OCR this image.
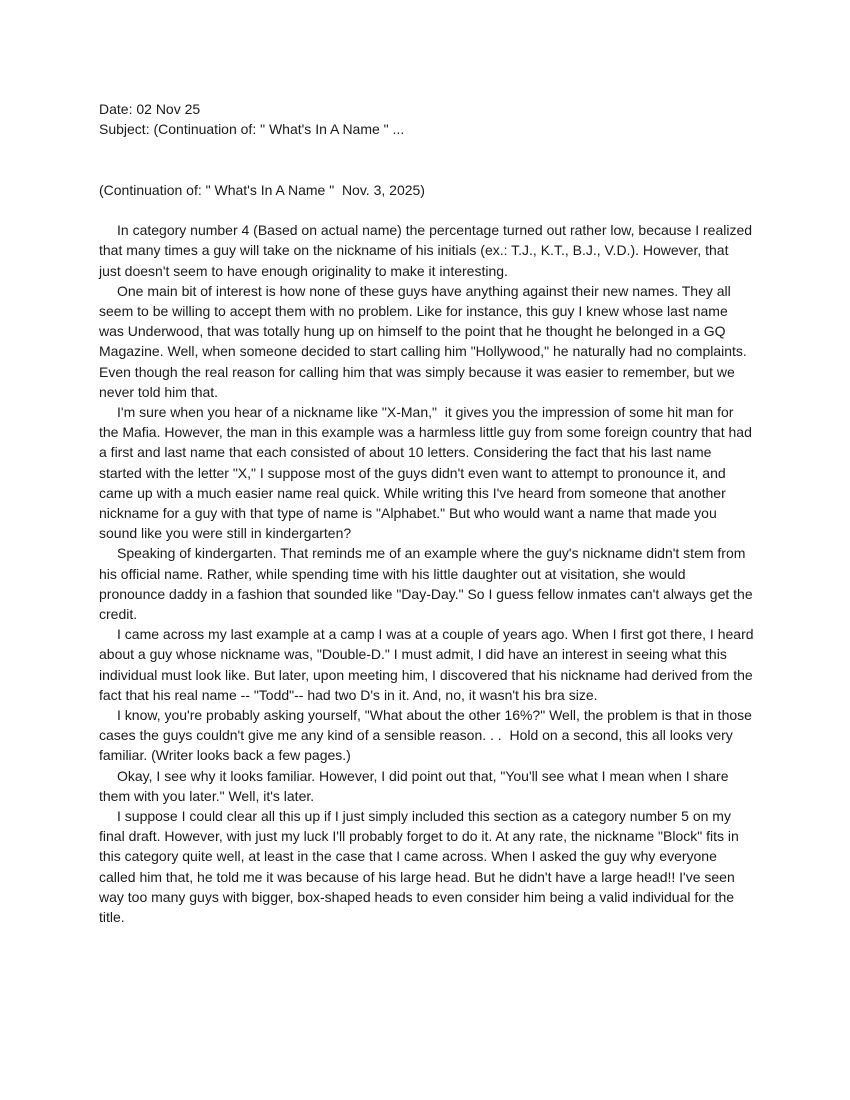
Date: 02 Nov 25
Subject: (Continuation of: " What's In A Name " ...
(Continuation of: " What's In A Name "  Nov. 3, 2025)

In category number 4 (Based on actual name) the percentage turned out rather low, because I realized that many times a guy will take on the nickname of his initials (ex.: T.J., K.T., B.J., V.D.). However, that just doesn't seem to have enough originality to make it interesting.

One main bit of interest is how none of these guys have anything against their new names. They all seem to be willing to accept them with no problem. Like for instance, this guy I knew whose last name was Underwood, that was totally hung up on himself to the point that he thought he belonged in a GQ Magazine. Well, when someone decided to start calling him "Hollywood," he naturally had no complaints. Even though the real reason for calling him that was simply because it was easier to remember, but we never told him that.

I'm sure when you hear of a nickname like "X-Man,"  it gives you the impression of some hit man for the Mafia. However, the man in this example was a harmless little guy from some foreign country that had a first and last name that each consisted of about 10 letters. Considering the fact that his last name started with the letter "X," I suppose most of the guys didn't even want to attempt to pronounce it, and came up with a much easier name real quick. While writing this I've heard from someone that another nickname for a guy with that type of name is "Alphabet." But who would want a name that made you sound like you were still in kindergarten?

Speaking of kindergarten. That reminds me of an example where the guy's nickname didn't stem from his official name. Rather, while spending time with his little daughter out at visitation, she would pronounce daddy in a fashion that sounded like "Day-Day." So I guess fellow inmates can't always get the credit.

I came across my last example at a camp I was at a couple of years ago. When I first got there, I heard about a guy whose nickname was, "Double-D." I must admit, I did have an interest in seeing what this individual must look like. But later, upon meeting him, I discovered that his nickname had derived from the fact that his real name -- "Todd"-- had two D's in it. And, no, it wasn't his bra size.

I know, you're probably asking yourself, "What about the other 16%?" Well, the problem is that in those cases the guys couldn't give me any kind of a sensible reason. . .  Hold on a second, this all looks very familiar. (Writer looks back a few pages.)

Okay, I see why it looks familiar. However, I did point out that, "You'll see what I mean when I share them with you later." Well, it's later.

I suppose I could clear all this up if I just simply included this section as a category number 5 on my final draft. However, with just my luck I'll probably forget to do it. At any rate, the nickname "Block" fits in this category quite well, at least in the case that I came across. When I asked the guy why everyone called him that, he told me it was because of his large head. But he didn't have a large head!! I've seen way too many guys with bigger, box-shaped heads to even consider him being a valid individual for the title.
